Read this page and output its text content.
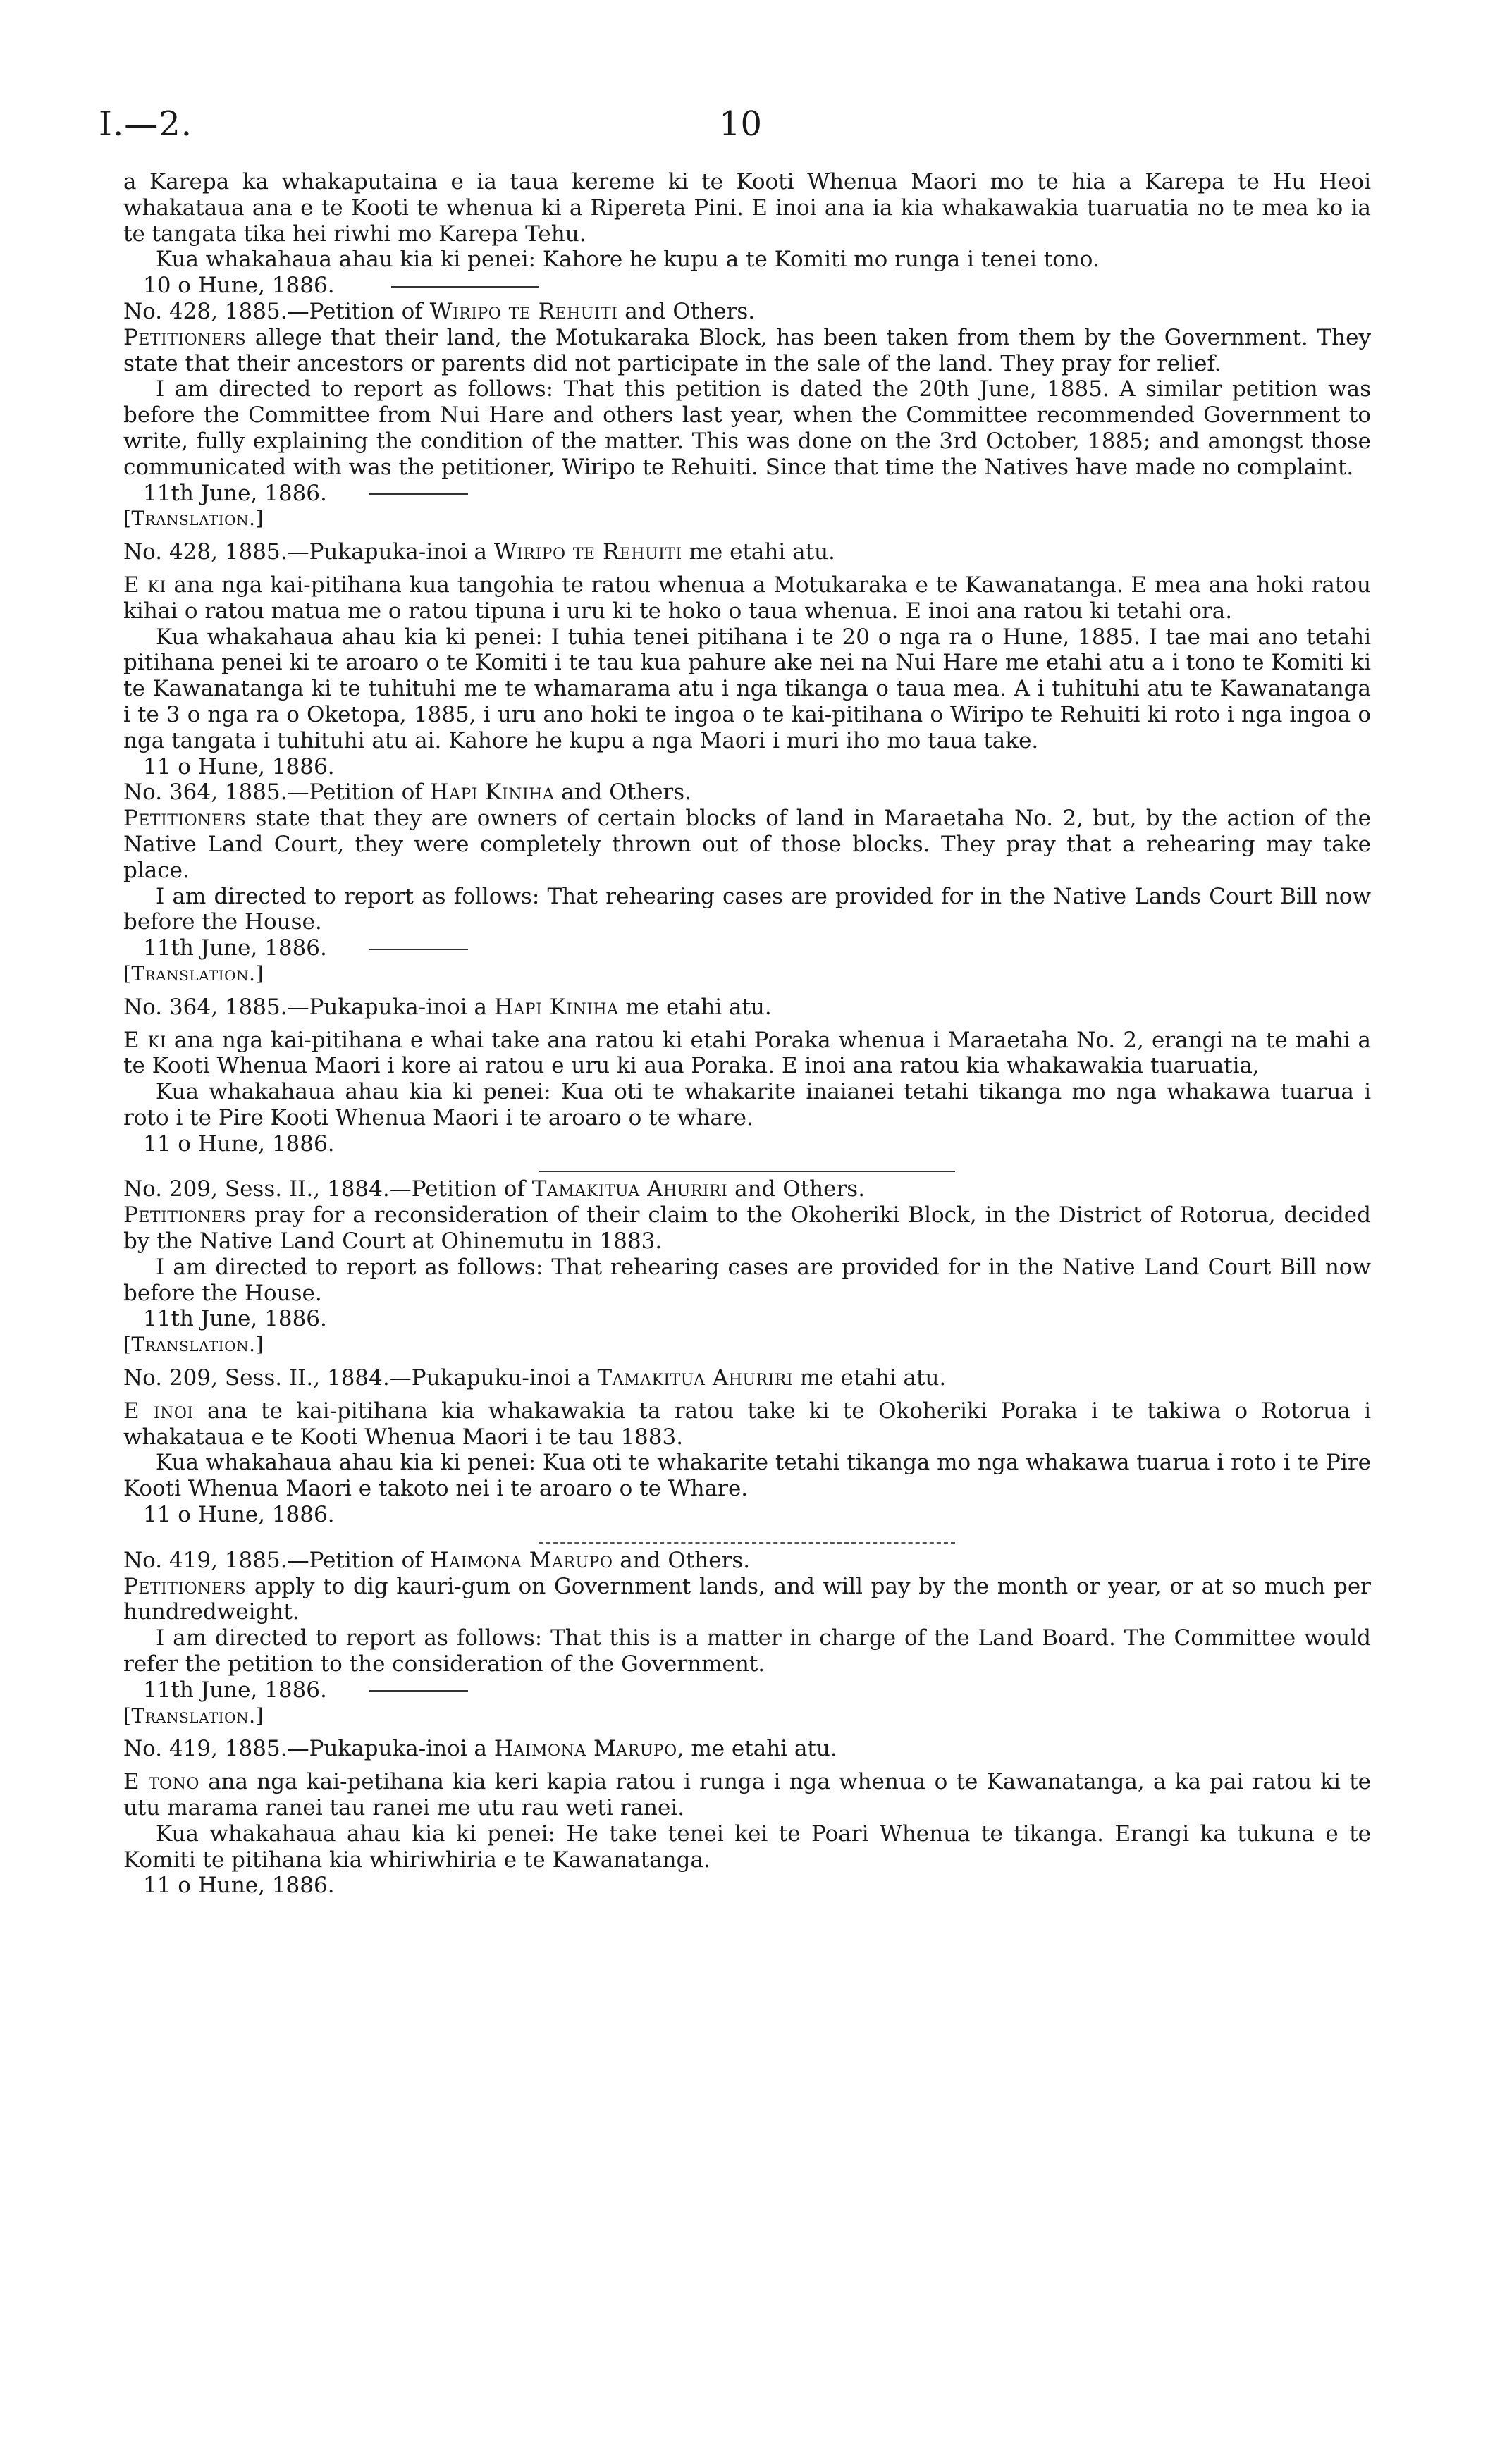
I.—2.	10

a Karepa ka whakaputaina e ia taua kereme ki te Kooti Whenua Maori mo te hia a Karepa te Hu Heoi whakataua ana e te Kooti te whenua ki a Ripereta Pini. E inoi ana ia kia whakawakia tuaruatia no te mea ko ia te tangata tika hei riwhi mo Karepa Tehu.

Kua whakahaua ahau kia ki penei: Kahore he kupu a te Komiti mo runga i tenei tono.

10 o Hune, 1886.

No. 428, 1885.—Petition of Wiripo te Rehuiti and Others.

Petitioners allege that their land, the Motukaraka Block, has been taken from them by the Government. They state that their ancestors or parents did not participate in the sale of the land. They pray for relief.

I am directed to report as follows: That this petition is dated the 20th June, 1885. A similar petition was before the Committee from Nui Hare and others last year, when the Committee recommended Government to write, fully explaining the condition of the matter. This was done on the 3rd October, 1885; and amongst those communicated with was the petitioner, Wiripo te Rehuiti. Since that time the Natives have made no complaint.

11th June, 1886.

[Translation.]

No. 428, 1885.—Pukapuka-inoi a Wiripo te Rehuiti me etahi atu.

E ki ana nga kai-pitihana kua tangohia te ratou whenua a Motukaraka e te Kawanatanga. E mea ana hoki ratou kihai o ratou matua me o ratou tipuna i uru ki te hoko o taua whenua. E inoi ana ratou ki tetahi ora.

Kua whakahaua ahau kia ki penei: I tuhia tenei pitihana i te 20 o nga ra o Hune, 1885. I tae mai ano tetahi pitihana penei ki te aroaro o te Komiti i te tau kua pahure ake nei na Nui Hare me etahi atu a i tono te Komiti ki te Kawanatanga ki te tuhituhi me te whamarama atu i nga tikanga o taua mea. A i tuhituhi atu te Kawanatanga i te 3 o nga ra o Oketopa, 1885, i uru ano hoki te ingoa o te kai-pitihana o Wiripo te Rehuiti ki roto i nga ingoa o nga tangata i tuhituhi atu ai. Kahore he kupu a nga Maori i muri iho mo taua take.

11 o Hune, 1886.

No. 364, 1885.—Petition of Hapi Kiniha and Others.

Petitioners state that they are owners of certain blocks of land in Maraetaha No. 2, but, by the action of the Native Land Court, they were completely thrown out of those blocks. They pray that a rehearing may take place.

I am directed to report as follows: That rehearing cases are provided for in the Native Lands Court Bill now before the House.

11th June, 1886.

[Translation.]

No. 364, 1885.—Pukapuka-inoi a Hapi Kiniha me etahi atu.

E ki ana nga kai-pitihana e whai take ana ratou ki etahi Poraka whenua i Maraetaha No. 2, erangi na te mahi a te Kooti Whenua Maori i kore ai ratou e uru ki aua Poraka. E inoi ana ratou kia whakawakia tuaruatia,

Kua whakahaua ahau kia ki penei: Kua oti te whakarite inaianei tetahi tikanga mo nga whakawa tuarua i roto i te Pire Kooti Whenua Maori i te aroaro o te whare.

11 o Hune, 1886.

No. 209, Sess. II., 1884.—Petition of Tamakitua Ahuriri and Others.

Petitioners pray for a reconsideration of their claim to the Okoheriki Block, in the District of Rotorua, decided by the Native Land Court at Ohinemutu in 1883.

I am directed to report as follows: That rehearing cases are provided for in the Native Land Court Bill now before the House.

11th June, 1886.

[Translation.]

No. 209, Sess. II., 1884.—Pukapuku-inoi a Tamakitua Ahuriri me etahi atu.

E inoi ana te kai-pitihana kia whakawakia ta ratou take ki te Okoheriki Poraka i te takiwa o Rotorua i whakataua e te Kooti Whenua Maori i te tau 1883.

Kua whakahaua ahau kia ki penei: Kua oti te whakarite tetahi tikanga mo nga whakawa tuarua i roto i te Pire Kooti Whenua Maori e takoto nei i te aroaro o te Whare.

11 o Hune, 1886.

No. 419, 1885.—Petition of Haimona Marupo and Others.

Petitioners apply to dig kauri-gum on Government lands, and will pay by the month or year, or at so much per hundredweight.

I am directed to report as follows: That this is a matter in charge of the Land Board. The Committee would refer the petition to the consideration of the Government.

11th June, 1886.

[Translation.]

No. 419, 1885.—Pukapuka-inoi a Haimona Marupo, me etahi atu.

E tono ana nga kai-petihana kia keri kapia ratou i runga i nga whenua o te Kawanatanga, a ka pai ratou ki te utu marama ranei tau ranei me utu rau weti ranei.

Kua whakahaua ahau kia ki penei: He take tenei kei te Poari Whenua te tikanga. Erangi ka tukuna e te Komiti te pitihana kia whiriwhiria e te Kawanatanga.

11 o Hune, 1886.
